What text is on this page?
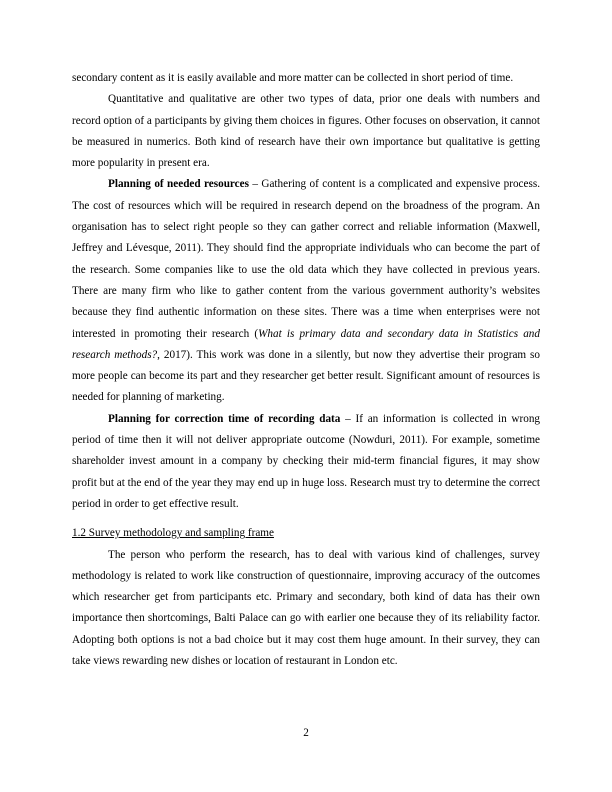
secondary content as it is easily available and more matter can be collected in short period of time.

Quantitative and qualitative are other two types of data, prior one deals with numbers and record option of a participants by giving them choices in figures. Other focuses on observation, it cannot be measured in numerics. Both kind of research have their own importance but qualitative is getting more popularity in present era.

Planning of needed resources – Gathering of content is a complicated and expensive process. The cost of resources which will be required in research depend on the broadness of the program. An organisation has to select right people so they can gather correct and reliable information (Maxwell, Jeffrey and Lévesque, 2011). They should find the appropriate individuals who can become the part of the research. Some companies like to use the old data which they have collected in previous years. There are many firm who like to gather content from the various government authority’s websites because they find authentic information on these sites. There was a time when enterprises were not interested in promoting their research (What is primary data and secondary data in Statistics and research methods?, 2017). This work was done in a silently, but now they advertise their program so more people can become its part and they researcher get better result. Significant amount of resources is needed for planning of marketing.

Planning for correction time of recording data – If an information is collected in wrong period of time then it will not deliver appropriate outcome (Nowduri, 2011). For example, sometime shareholder invest amount in a company by checking their mid-term financial figures, it may show profit but at the end of the year they may end up in huge loss. Research must try to determine the correct period in order to get effective result.

1.2 Survey methodology and sampling frame

The person who perform the research, has to deal with various kind of challenges, survey methodology is related to work like construction of questionnaire, improving accuracy of the outcomes which researcher get from participants etc. Primary and secondary, both kind of data has their own importance then shortcomings, Balti Palace can go with earlier one because they of its reliability factor. Adopting both options is not a bad choice but it may cost them huge amount. In their survey, they can take views rewarding new dishes or location of restaurant in London etc.

2
